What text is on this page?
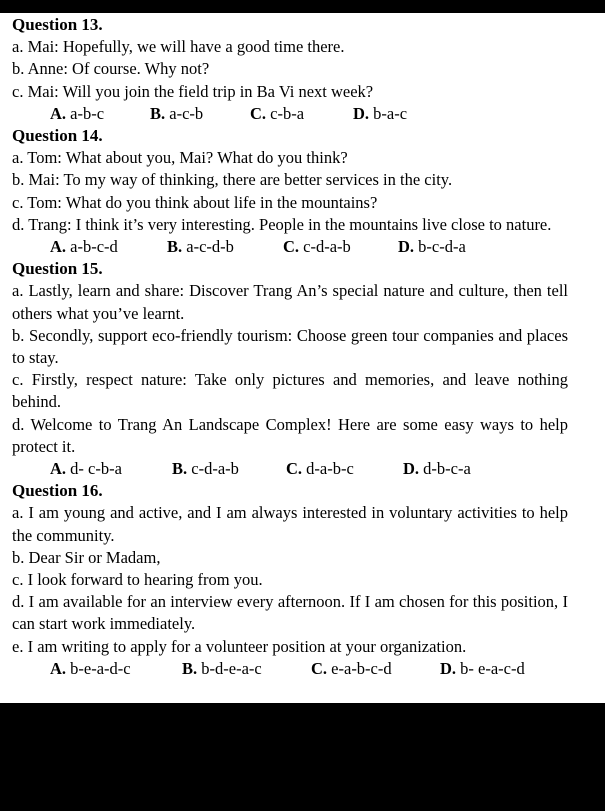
Question 13.
a. Mai: Hopefully, we will have a good time there.
b. Anne: Of course. Why not?
c. Mai: Will you join the field trip in Ba Vi next week?
A. a-b-c	B. a-c-b	C. c-b-a	D. b-a-c
Question 14.
a. Tom: What about you, Mai? What do you think?
b. Mai: To my way of thinking, there are better services in the city.
c. Tom: What do you think about life in the mountains?
d. Trang: I think it’s very interesting. People in the mountains live close to nature.
A. a-b-c-d	B. a-c-d-b	C. c-d-a-b	D. b-c-d-a
Question 15.
a. Lastly, learn and share: Discover Trang An’s special nature and culture, then tell others what you’ve learnt.
b. Secondly, support eco-friendly tourism: Choose green tour companies and places to stay.
c. Firstly, respect nature: Take only pictures and memories, and leave nothing behind.
d. Welcome to Trang An Landscape Complex! Here are some easy ways to help protect it.
A. d- c-b-a	B. c-d-a-b	C. d-a-b-c	D. d-b-c-a
Question 16.
a. I am young and active, and I am always interested in voluntary activities to help the community.
b. Dear Sir or Madam,
c. I look forward to hearing from you.
d. I am available for an interview every afternoon. If I am chosen for this position, I can start work immediately.
e. I am writing to apply for a volunteer position at your organization.
A. b-e-a-d-c	B. b-d-e-a-c	C. e-a-b-c-d	D. b- e-a-c-d
